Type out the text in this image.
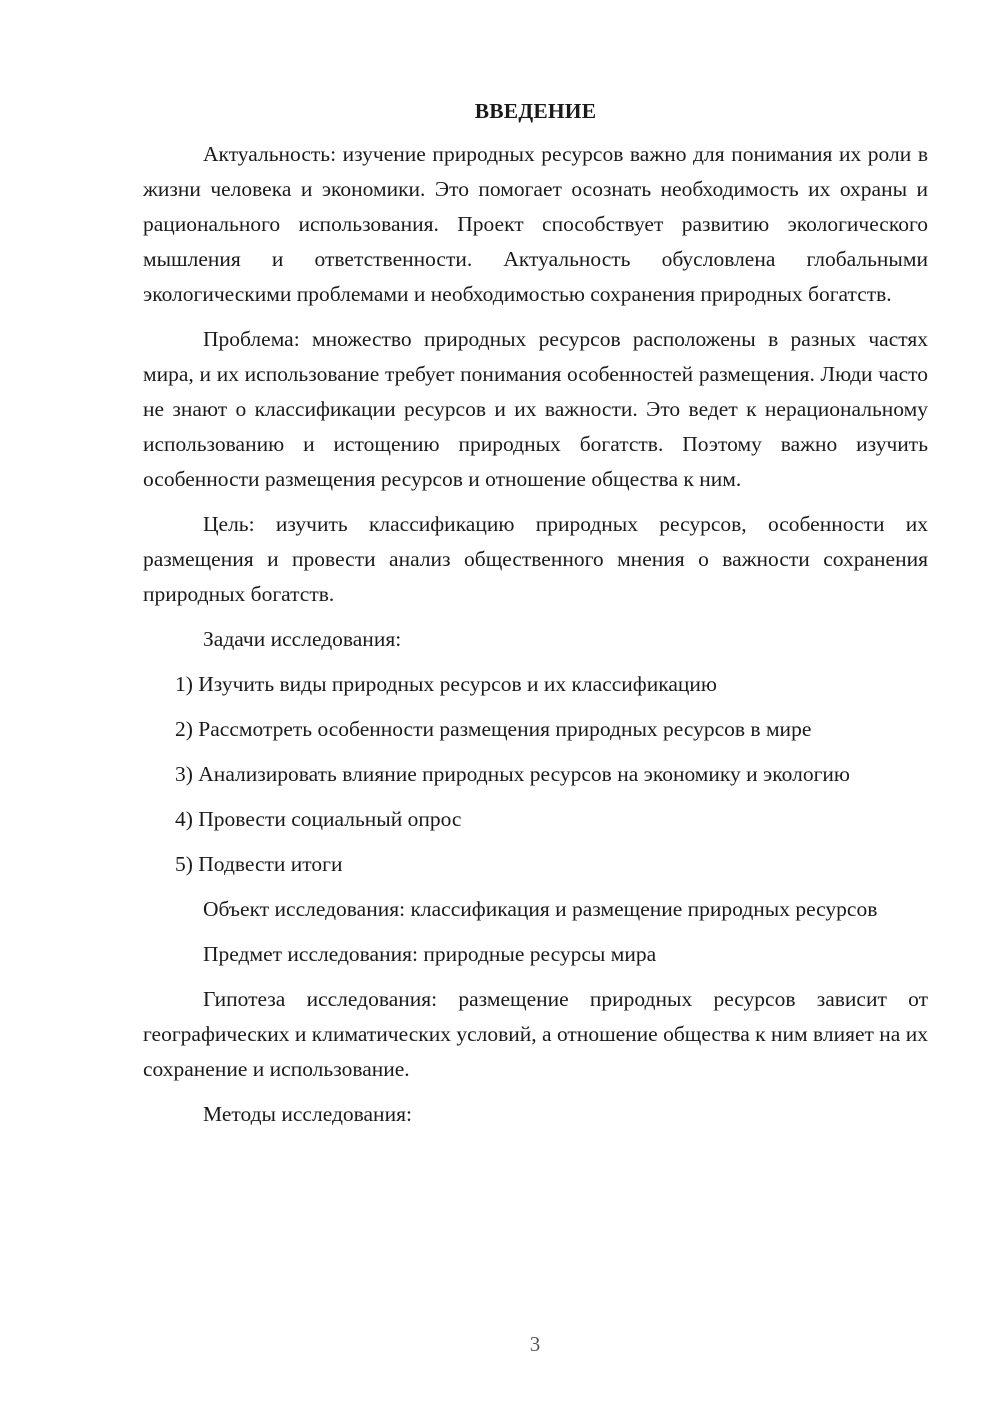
ВВЕДЕНИЕ

Актуальность: изучение природных ресурсов важно для понимания их роли в жизни человека и экономики. Это помогает осознать необходимость их охраны и рационального использования. Проект способствует развитию экологического мышления и ответственности. Актуальность обусловлена глобальными экологическими проблемами и необходимостью сохранения природных богатств.

Проблема: множество природных ресурсов расположены в разных частях мира, и их использование требует понимания особенностей размещения. Люди часто не знают о классификации ресурсов и их важности. Это ведет к нерациональному использованию и истощению природных богатств. Поэтому важно изучить особенности размещения ресурсов и отношение общества к ним.

Цель: изучить классификацию природных ресурсов, особенности их размещения и провести анализ общественного мнения о важности сохранения природных богатств.

Задачи исследования:

1) Изучить виды природных ресурсов и их классификацию

2) Рассмотреть особенности размещения природных ресурсов в мире

3) Анализировать влияние природных ресурсов на экономику и экологию

4) Провести социальный опрос

5) Подвести итоги

Объект исследования: классификация и размещение природных ресурсов

Предмет исследования: природные ресурсы мира

Гипотеза исследования: размещение природных ресурсов зависит от географических и климатических условий, а отношение общества к ним влияет на их сохранение и использование.

Методы исследования:

3
